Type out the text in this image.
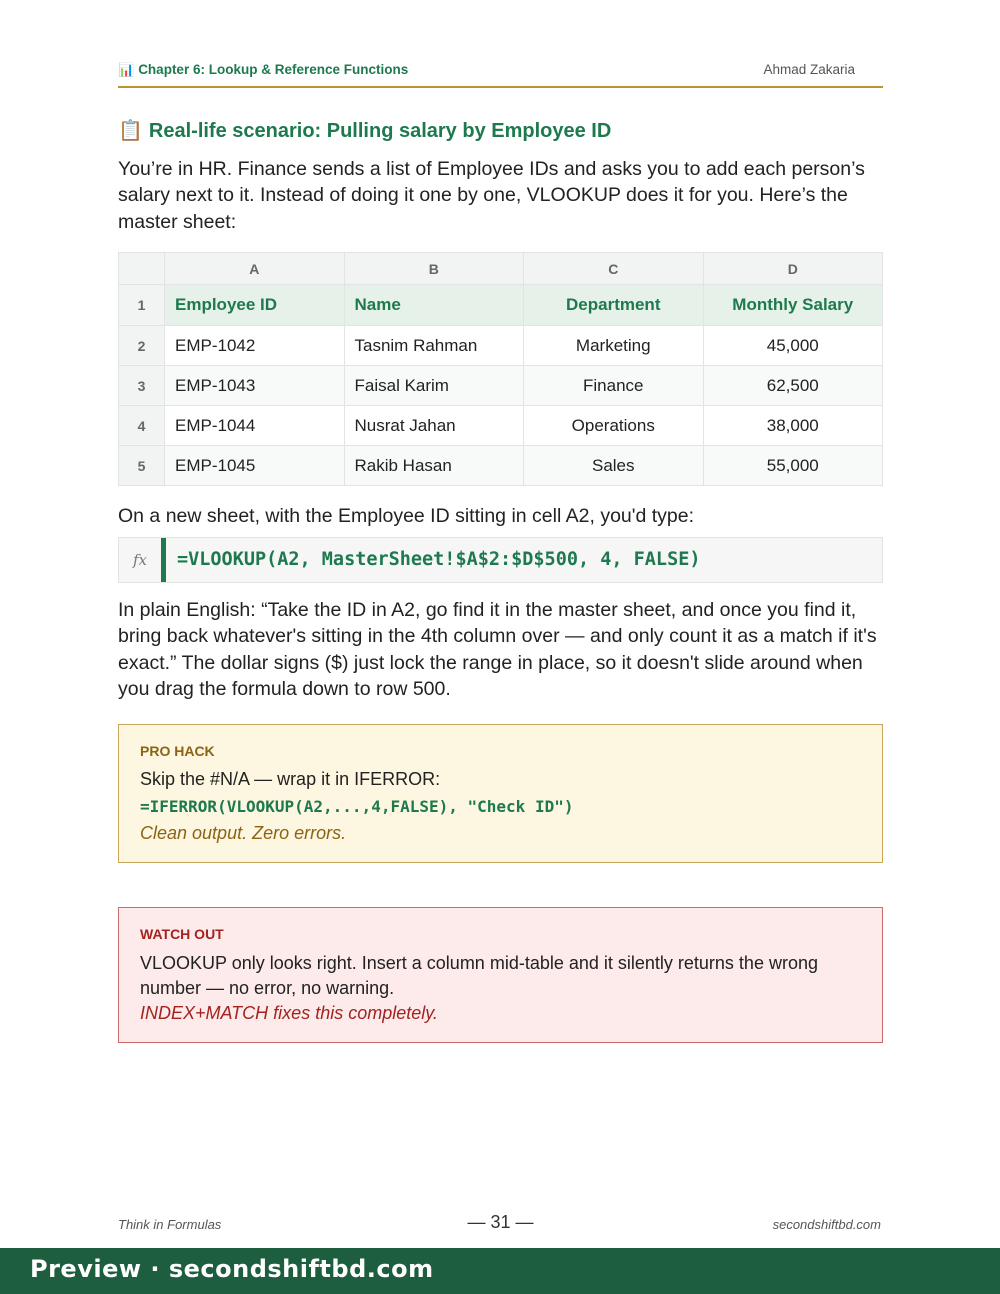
📊 Chapter 6: Lookup & Reference Functions	Ahmad Zakaria
📋 Real-life scenario: Pulling salary by Employee ID

You’re in HR. Finance sends a list of Employee IDs and asks you to add each person’s salary next to it. Instead of doing it one by one, VLOOKUP does it for you. Here’s the master sheet:

	A	B	C	D
1	Employee ID	Name	Department	Monthly Salary
2	EMP-1042	Tasnim Rahman	Marketing	45,000
3	EMP-1043	Faisal Karim	Finance	62,500
4	EMP-1044	Nusrat Jahan	Operations	38,000
5	EMP-1045	Rakib Hasan	Sales	55,000

On a new sheet, with the Employee ID sitting in cell A2, you'd type:

fx	=VLOOKUP(A2, MasterSheet!$A$2:$D$500, 4, FALSE)

In plain English: “Take the ID in A2, go find it in the master sheet, and once you find it, bring back whatever's sitting in the 4th column over — and only count it as a match if it's exact.” The dollar signs ($) just lock the range in place, so it doesn't slide around when you drag the formula down to row 500.

PRO HACK
Skip the #N/A — wrap it in IFERROR:
=IFERROR(VLOOKUP(A2,...,4,FALSE), "Check ID")
Clean output. Zero errors.
WATCH OUT
VLOOKUP only looks right. Insert a column mid-table and it silently returns the wrong number — no error, no warning.
INDEX+MATCH fixes this completely.
Think in Formulas	— 31 —	secondshiftbd.com
Preview · secondshiftbd.com
